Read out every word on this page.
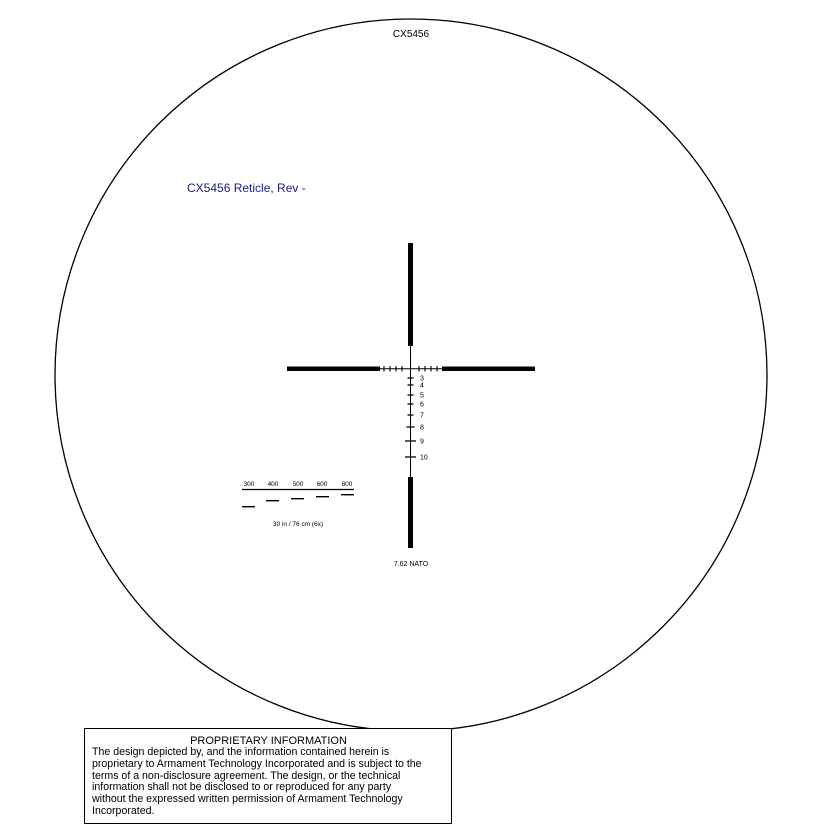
CX5456
CX5456 Reticle, Rev -
3
4
5
6
7
8
9
10
7.62 NATO
300 400 500 600 800
30 in / 76 cm (6x)
PROPRIETARY INFORMATION
The design depicted by, and the information contained herein is
proprietary to Armament Technology Incorporated and is subject to the
terms of a non-disclosure agreement. The design, or the technical
information shall not be disclosed to or reproduced for any party
without the expressed written permission of Armament Technology
Incorporated.
